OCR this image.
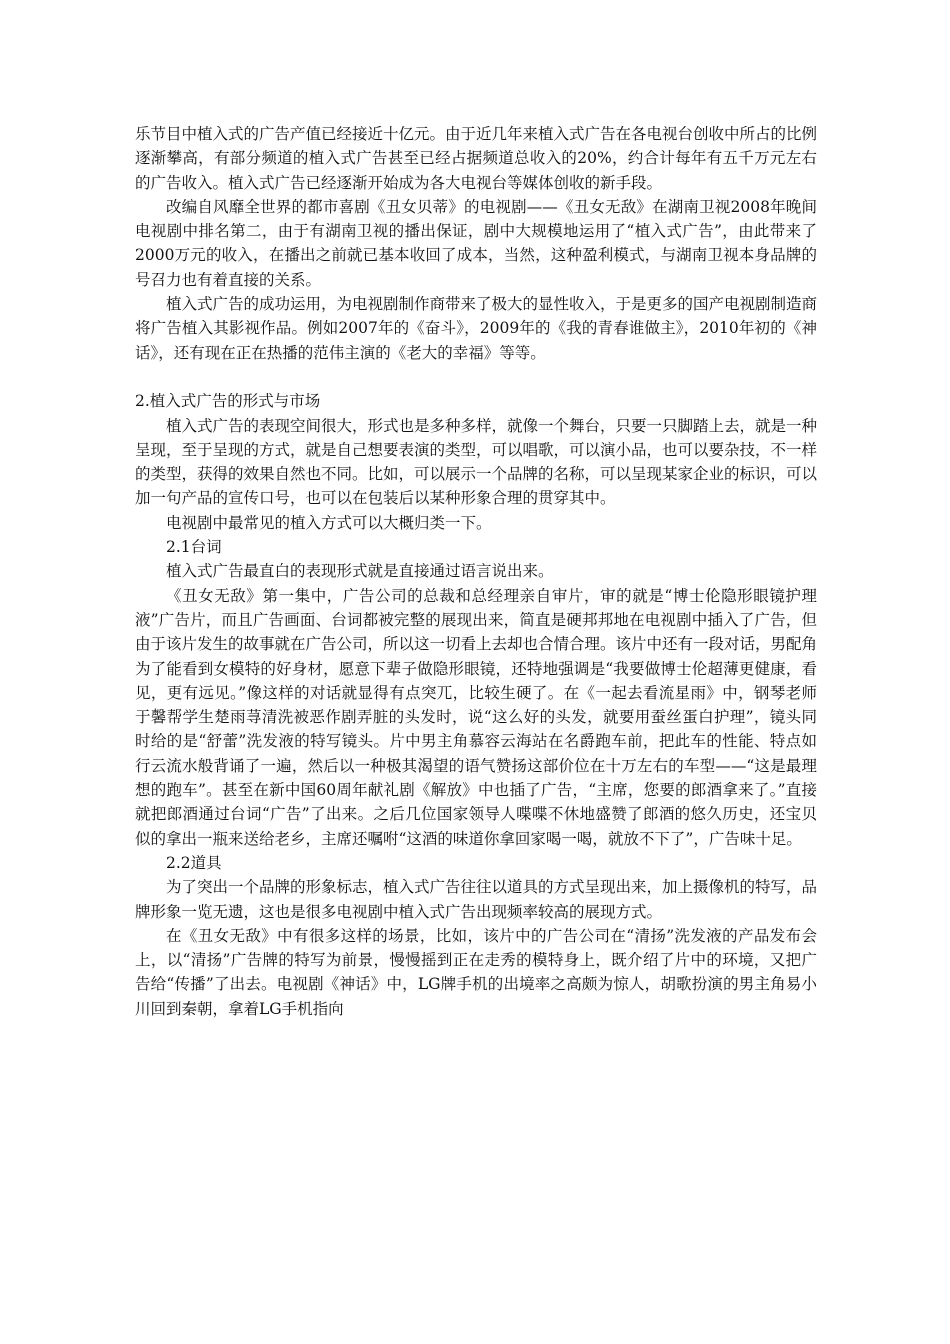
乐节目中植入式的广告产值已经接近十亿元。由于近几年来植入式广告在各电视台创收中所占的比例逐渐攀高，有部分频道的植入式广告甚至已经占据频道总收入的20%，约合计每年有五千万元左右的广告收入。植入式广告已经逐渐开始成为各大电视台等媒体创收的新手段。

改编自风靡全世界的都市喜剧《丑女贝蒂》的电视剧——《丑女无敌》在湖南卫视2008年晚间电视剧中排名第二，由于有湖南卫视的播出保证，剧中大规模地运用了“植入式广告”，由此带来了2000万元的收入，在播出之前就已基本收回了成本，当然，这种盈利模式，与湖南卫视本身品牌的号召力也有着直接的关系。

植入式广告的成功运用，为电视剧制作商带来了极大的显性收入，于是更多的国产电视剧制造商将广告植入其影视作品。例如2007年的《奋斗》，2009年的《我的青春谁做主》，2010年初的《神话》，还有现在正在热播的范伟主演的《老大的幸福》等等。

2.植入式广告的形式与市场

植入式广告的表现空间很大，形式也是多种多样，就像一个舞台，只要一只脚踏上去，就是一种呈现，至于呈现的方式，就是自己想要表演的类型，可以唱歌，可以演小品，也可以要杂技，不一样的类型，获得的效果自然也不同。比如，可以展示一个品牌的名称，可以呈现某家企业的标识，可以加一句产品的宣传口号，也可以在包装后以某种形象合理的贯穿其中。

电视剧中最常见的植入方式可以大概归类一下。

2.1台词

植入式广告最直白的表现形式就是直接通过语言说出来。

《丑女无敌》第一集中，广告公司的总裁和总经理亲自审片，审的就是“博士伦隐形眼镜护理液”广告片，而且广告画面、台词都被完整的展现出来，简直是硬邦邦地在电视剧中插入了广告，但由于该片发生的故事就在广告公司，所以这一切看上去却也合情合理。该片中还有一段对话，男配角为了能看到女模特的好身材，愿意下辈子做隐形眼镜，还特地强调是“我要做博士伦超薄更健康，看见，更有远见。”像这样的对话就显得有点突兀，比较生硬了。在《一起去看流星雨》中，钢琴老师于馨帮学生楚雨荨清洗被恶作剧弄脏的头发时，说“这么好的头发，就要用蚕丝蛋白护理”，镜头同时给的是“舒蕾”洗发液的特写镜头。片中男主角慕容云海站在名爵跑车前，把此车的性能、特点如行云流水般背诵了一遍，然后以一种极其渴望的语气赞扬这部价位在十万左右的车型——“这是最理想的跑车”。甚至在新中国60周年献礼剧《解放》中也插了广告，“主席，您要的郎酒拿来了。”直接就把郎酒通过台词“广告”了出来。之后几位国家领导人喋喋不休地盛赞了郎酒的悠久历史，还宝贝似的拿出一瓶来送给老乡，主席还嘱咐“这酒的味道你拿回家喝一喝，就放不下了”，广告味十足。

2.2道具

为了突出一个品牌的形象标志，植入式广告往往以道具的方式呈现出来，加上摄像机的特写，品牌形象一览无遗，这也是很多电视剧中植入式广告出现频率较高的展现方式。

在《丑女无敌》中有很多这样的场景，比如，该片中的广告公司在“清扬”洗发液的产品发布会上，以“清扬”广告牌的特写为前景，慢慢摇到正在走秀的模特身上，既介绍了片中的环境，又把广告给“传播”了出去。电视剧《神话》中，LG牌手机的出境率之高颇为惊人，胡歌扮演的男主角易小川回到秦朝，拿着LG手机指向
